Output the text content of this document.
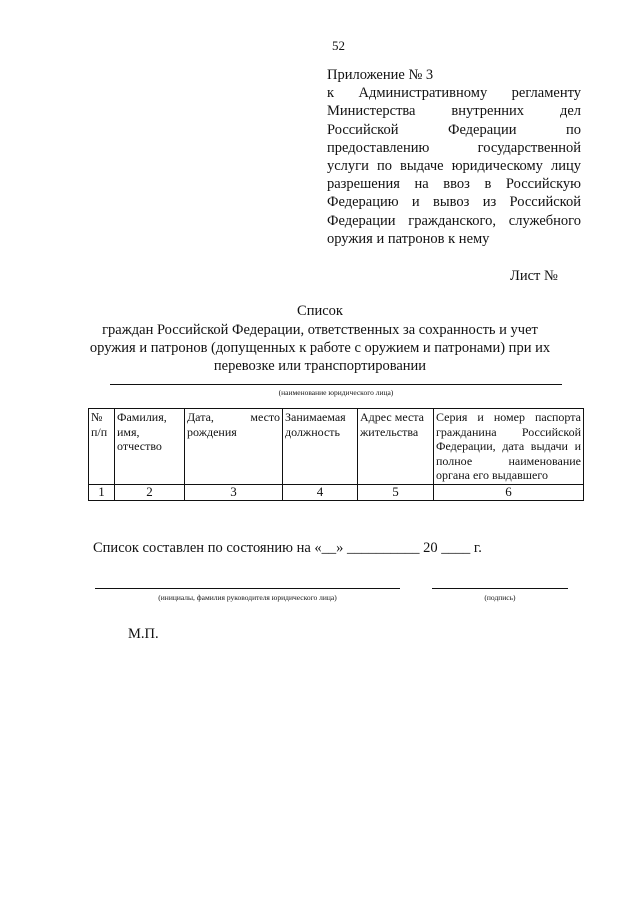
52
Приложение № 3
к Административному регламенту
Министерства внутренних дел
Российской Федерации по
предоставлению государственной
услуги по выдаче юридическому лицу
разрешения на ввоз в Российскую
Федерацию и вывоз из Российской
Федерации гражданского, служебного
оружия и патронов к нему
Лист №
Список
граждан Российской Федерации, ответственных за сохранность и учет
оружия и патронов (допущенных к работе с оружием и патронами) при их
перевозке или транспортировании
(наименование юридического лица)
№ п/п	Фамилия, имя, отчество	Дата, место рождения	Занимаемая должность	Адрес места жительства	Серия и номер паспорта гражданина Российской Федерации, дата выдачи и полное наименование органа его выдавшего
1	2	3	4	5	6
Список составлен по состоянию на «__» __________ 20 ____ г.
(инициалы, фамилия руководителя юридического лица)	(подпись)
М.П.
